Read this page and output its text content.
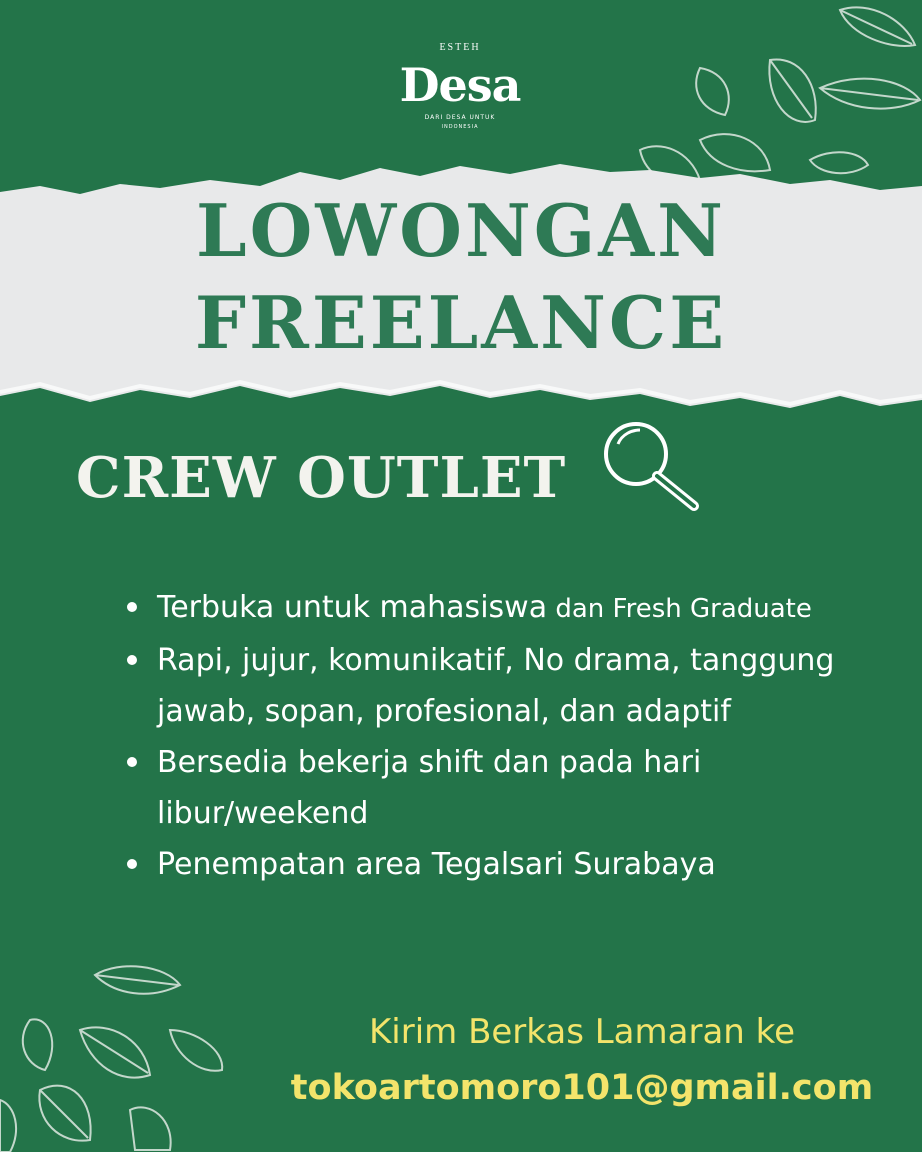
ESTEH
Desa
DARI DESA UNTUK
INDONESIA
LOWONGAN
FREELANCE
CREW OUTLET
Terbuka untuk mahasiswa dan Fresh Graduate
Rapi, jujur, komunikatif, No drama, tanggung jawab, sopan, profesional, dan adaptif
Bersedia bekerja shift dan pada hari libur/weekend
Penempatan area Tegalsari Surabaya
Kirim Berkas Lamaran ke
tokoartomoro101@gmail.com
